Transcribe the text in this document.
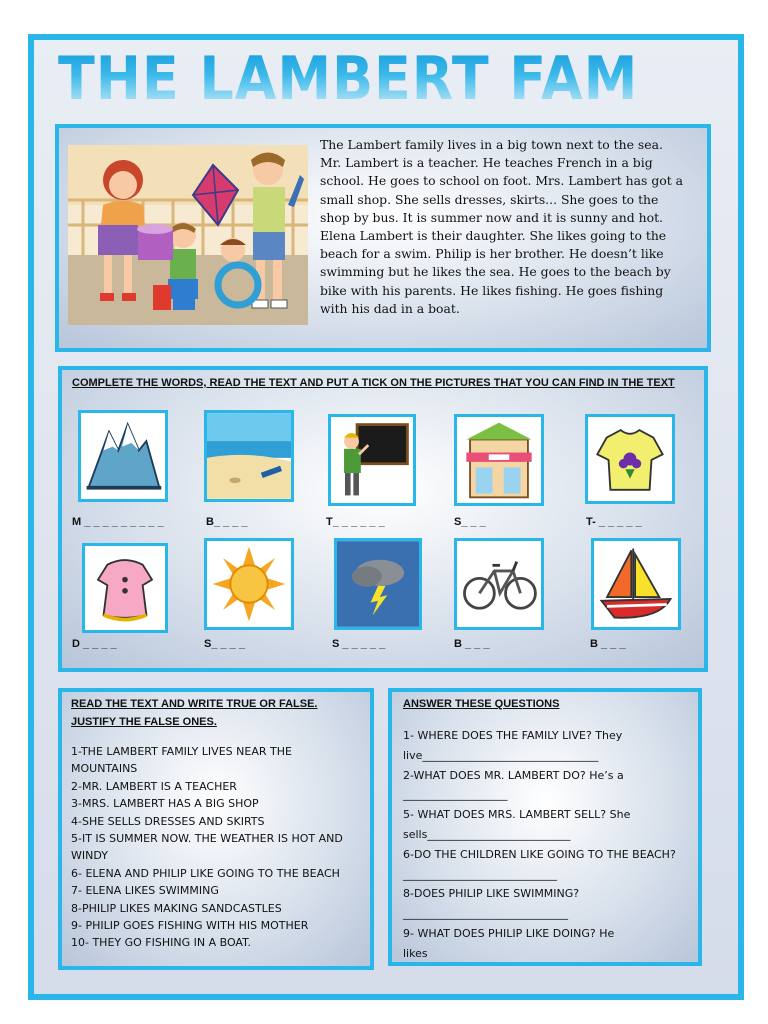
THE LAMBERT FAMILY
The Lambert family lives in a big town next to the sea.
Mr. Lambert is a teacher. He teaches French in a big
school. He goes to school on foot. Mrs. Lambert has got a
small shop. She sells dresses, skirts... She goes to the
shop by bus. It is summer now and it is sunny and hot.
Elena Lambert is their daughter. She likes going to the
beach for a swim. Philip is her brother. He doesn’t like
swimming but he likes the sea. He goes to the beach by
bike with his parents. He likes fishing. He goes fishing
with his dad in a boat.
COMPLETE THE WORDS, READ THE TEXT AND PUT A TICK ON THE PICTURES THAT YOU CAN FIND IN THE TEXT
M _ _ _ _ _ _ _ _ _	B_ _ _ _	T_ _ _ _ _ _	S_ _ _	T- _ _ _ _ _
D _ _ _ _	S_ _ _ _	S _ _ _ _ _	B _ _ _	B _ _ _
READ THE TEXT AND WRITE TRUE OR FALSE.
JUSTIFY THE FALSE ONES.
1-THE LAMBERT FAMILY LIVES NEAR THE
MOUNTAINS
2-MR. LAMBERT IS A TEACHER
3-MRS. LAMBERT HAS A BIG SHOP
4-SHE SELLS DRESSES AND SKIRTS
5-IT IS SUMMER NOW. THE WEATHER IS HOT AND
WINDY
6- ELENA AND PHILIP LIKE GOING TO THE BEACH
7- ELENA LIKES SWIMMING
8-PHILIP LIKES MAKING SANDCASTLES
9- PHILIP GOES FISHING WITH HIS MOTHER
10- THEY GO FISHING IN A BOAT.
ANSWER THESE QUESTIONS
1- WHERE DOES THE FAMILY LIVE? They
live________________________________
2-WHAT DOES MR. LAMBERT DO? He’s a
___________________
5- WHAT DOES MRS. LAMBERT SELL? She
sells__________________________
6-DO THE CHILDREN LIKE GOING TO THE BEACH?
____________________________
8-DOES PHILIP LIKE SWIMMING?
______________________________
9- WHAT DOES PHILIP LIKE DOING? He
likes
